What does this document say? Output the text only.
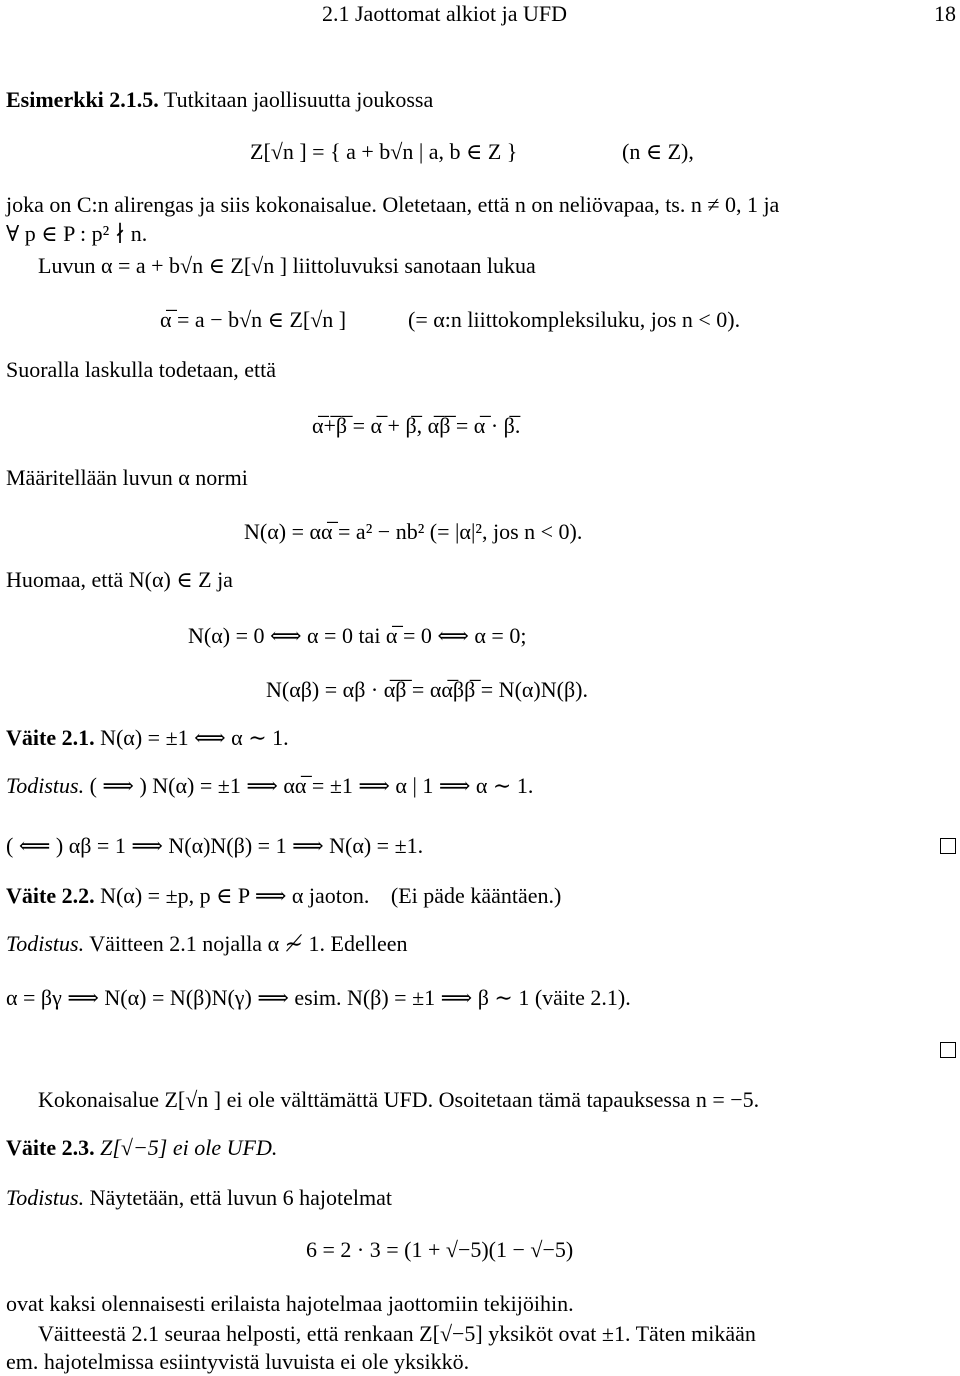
2.1 Jaottomat alkiot ja UFD	18
Esimerkki 2.1.5. Tutkitaan jaollisuutta joukossa
Z[√n ] = { a + b√n | a, b ∈ Z }	(n ∈ Z),
joka on C:n alirengas ja siis kokonaisalue. Oletetaan, että n on neliövapaa, ts. n ≠ 0, 1 ja
∀ p ∈ P : p² ∤ n.
Luvun α = a + b√n ∈ Z[√n ] liittoluvuksi sanotaan lukua
α̅ = a − b√n ∈ Z[√n ]	(= α:n liittokompleksiluku, jos n < 0).
Suoralla laskulla todetaan, että
α̅+̅β̅ = α̅ + β̅, α̅β̅ = α̅ · β̅.
Määritellään luvun α normi
N(α) = αα̅ = a² − nb² (= |α|², jos n < 0).
Huomaa, että N(α) ∈ Z ja
N(α) = 0 ⟺ α = 0 tai α̅ = 0 ⟺ α = 0;
N(αβ) = αβ · α̅β̅ = αα̅ββ̅ = N(α)N(β).
Väite 2.1. N(α) = ±1 ⟺ α ∼ 1.
Todistus. ( ⟹ ) N(α) = ±1 ⟹ αα̅ = ±1 ⟹ α | 1 ⟹ α ∼ 1.
( ⟸ ) αβ = 1 ⟹ N(α)N(β) = 1 ⟹ N(α) = ±1.
Väite 2.2. N(α) = ±p, p ∈ P ⟹ α jaoton. (Ei päde kääntäen.)
Todistus. Väitteen 2.1 nojalla α ≁ 1. Edelleen
α = βγ ⟹ N(α) = N(β)N(γ) ⟹ esim. N(β) = ±1 ⟹ β ∼ 1 (väite 2.1).
Kokonaisalue Z[√n ] ei ole välttämättä UFD. Osoitetaan tämä tapauksessa n = −5.
Väite 2.3. Z[√−5] ei ole UFD.
Todistus. Näytetään, että luvun 6 hajotelmat
6 = 2 · 3 = (1 + √−5)(1 − √−5)
ovat kaksi olennaisesti erilaista hajotelmaa jaottomiin tekijöihin.
Väitteestä 2.1 seuraa helposti, että renkaan Z[√−5] yksiköt ovat ±1. Täten mikään
em. hajotelmissa esiintyvistä luvuista ei ole yksikkö.
